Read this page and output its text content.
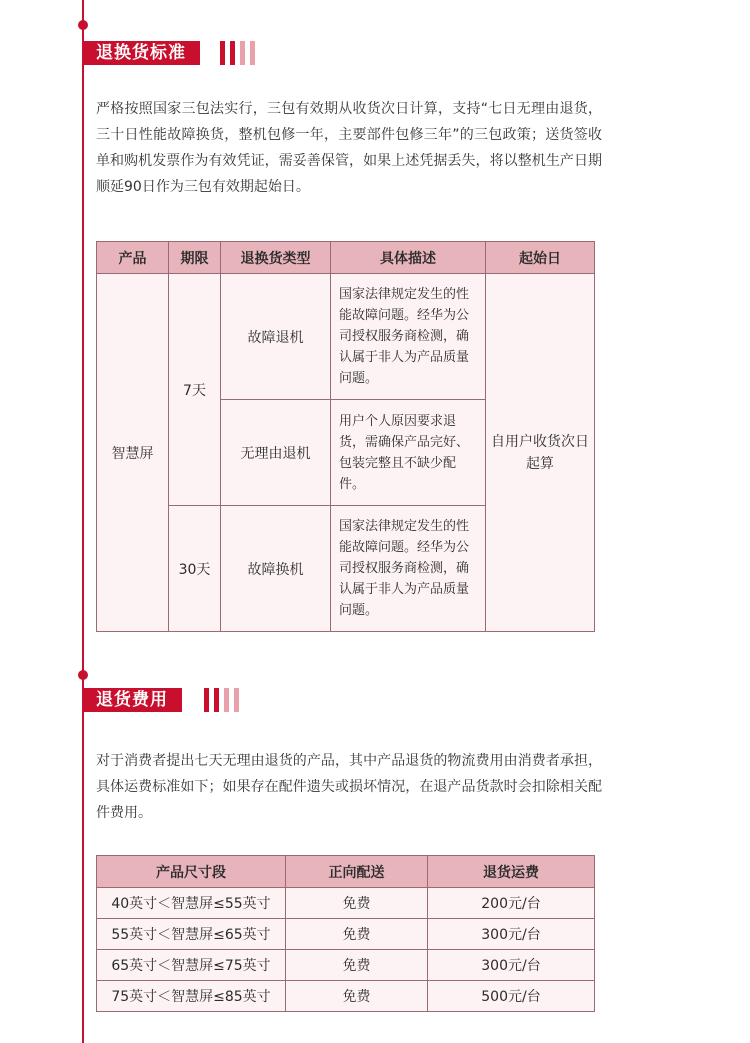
退换货标准

严格按照国家三包法实行，三包有效期从收货次日计算，支持“七日无理由退货，三十日性能故障换货，整机包修一年，主要部件包修三年”的三包政策；送货签收单和购机发票作为有效凭证，需妥善保管，如果上述凭据丢失，将以整机生产日期顺延90日作为三包有效期起始日。

产品	期限	退换货类型	具体描述	起始日
智慧屏	7天	故障退机	国家法律规定发生的性能故障问题。经华为公司授权服务商检测，确认属于非人为产品质量问题。	自用户收货次日起算
		无理由退机	用户个人原因要求退货，需确保产品完好、包装完整且不缺少配件。	
	30天	故障换机	国家法律规定发生的性能故障问题。经华为公司授权服务商检测，确认属于非人为产品质量问题。	
退货费用

对于消费者提出七天无理由退货的产品，其中产品退货的物流费用由消费者承担，具体运费标准如下；如果存在配件遗失或损坏情况，在退产品货款时会扣除相关配件费用。

产品尺寸段	正向配送	退货运费
40英寸＜智慧屏≤55英寸	免费	200元/台
55英寸＜智慧屏≤65英寸	免费	300元/台
65英寸＜智慧屏≤75英寸	免费	300元/台
75英寸＜智慧屏≤85英寸	免费	500元/台
